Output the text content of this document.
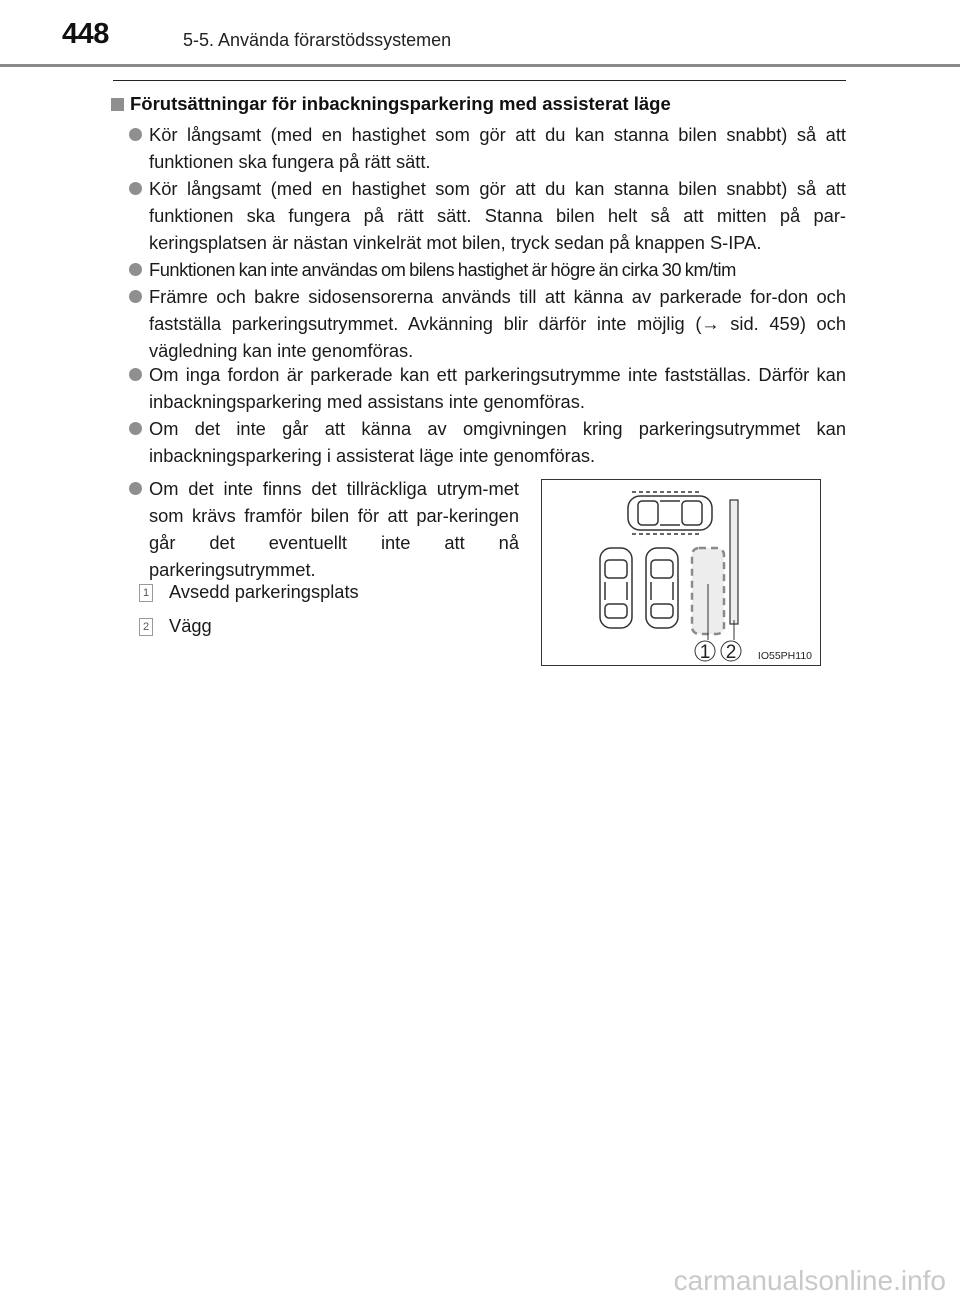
448	5-5. Använda förarstödssystemen
Förutsättningar för inbackningsparkering med assisterat läge
Kör långsamt (med en hastighet som gör att du kan stanna bilen snabbt) så att funktionen ska fungera på rätt sätt.
Kör långsamt (med en hastighet som gör att du kan stanna bilen snabbt) så att funktionen ska fungera på rätt sätt. Stanna bilen helt så att mitten på par-keringsplatsen är nästan vinkelrät mot bilen, tryck sedan på knappen S-IPA.
Funktionen kan inte användas om bilens hastighet är högre än cirka 30 km/tim
Främre och bakre sidosensorerna används till att känna av parkerade for-don och fastställa parkeringsutrymmet. Avkänning blir därför inte möjlig (→ sid. 459) och vägledning kan inte genomföras.
Om inga fordon är parkerade kan ett parkeringsutrymme inte fastställas. Därför kan inbackningsparkering med assistans inte genomföras.
Om det inte går att känna av omgivningen kring parkeringsutrymmet kan inbackningsparkering i assisterat läge inte genomföras.
Om det inte finns det tillräckliga utrym-met som krävs framför bilen för att par-keringen går det eventuellt inte att nå parkeringsutrymmet.
1 Avsedd parkeringsplats
2 Vägg
1 2 IO55PH110
carmanualsonline.info
